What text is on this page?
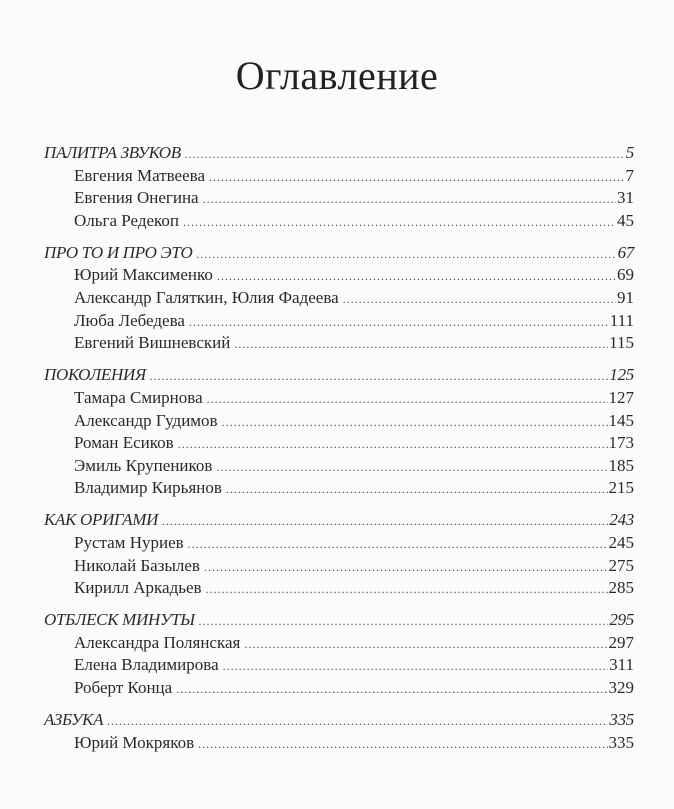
Оглавление
ПАЛИТРА ЗВУКОВ .....	5
Евгения Матвеева .....	7
Евгения Онегина .....	31
Ольга Редекоп .....	45
ПРО ТО И ПРО ЭТО .....	67
Юрий Максименко .....	69
Александр Галяткин, Юлия Фадеева .....	91
Люба Лебедева .....	111
Евгений Вишневский .....	115
ПОКОЛЕНИЯ .....	125
Тамара Смирнова .....	127
Александр Гудимов .....	145
Роман Есиков .....	173
Эмиль Крупеников .....	185
Владимир Кирьянов .....	215
КАК ОРИГАМИ .....	243
Рустам Нуриев .....	245
Николай Базылев .....	275
Кирилл Аркадьев .....	285
ОТБЛЕСК МИНУТЫ .....	295
Александра Полянская .....	297
Елена Владимирова .....	311
Роберт Конца .....	329
АЗБУКА .....	335
Юрий Мокряков .....	335
